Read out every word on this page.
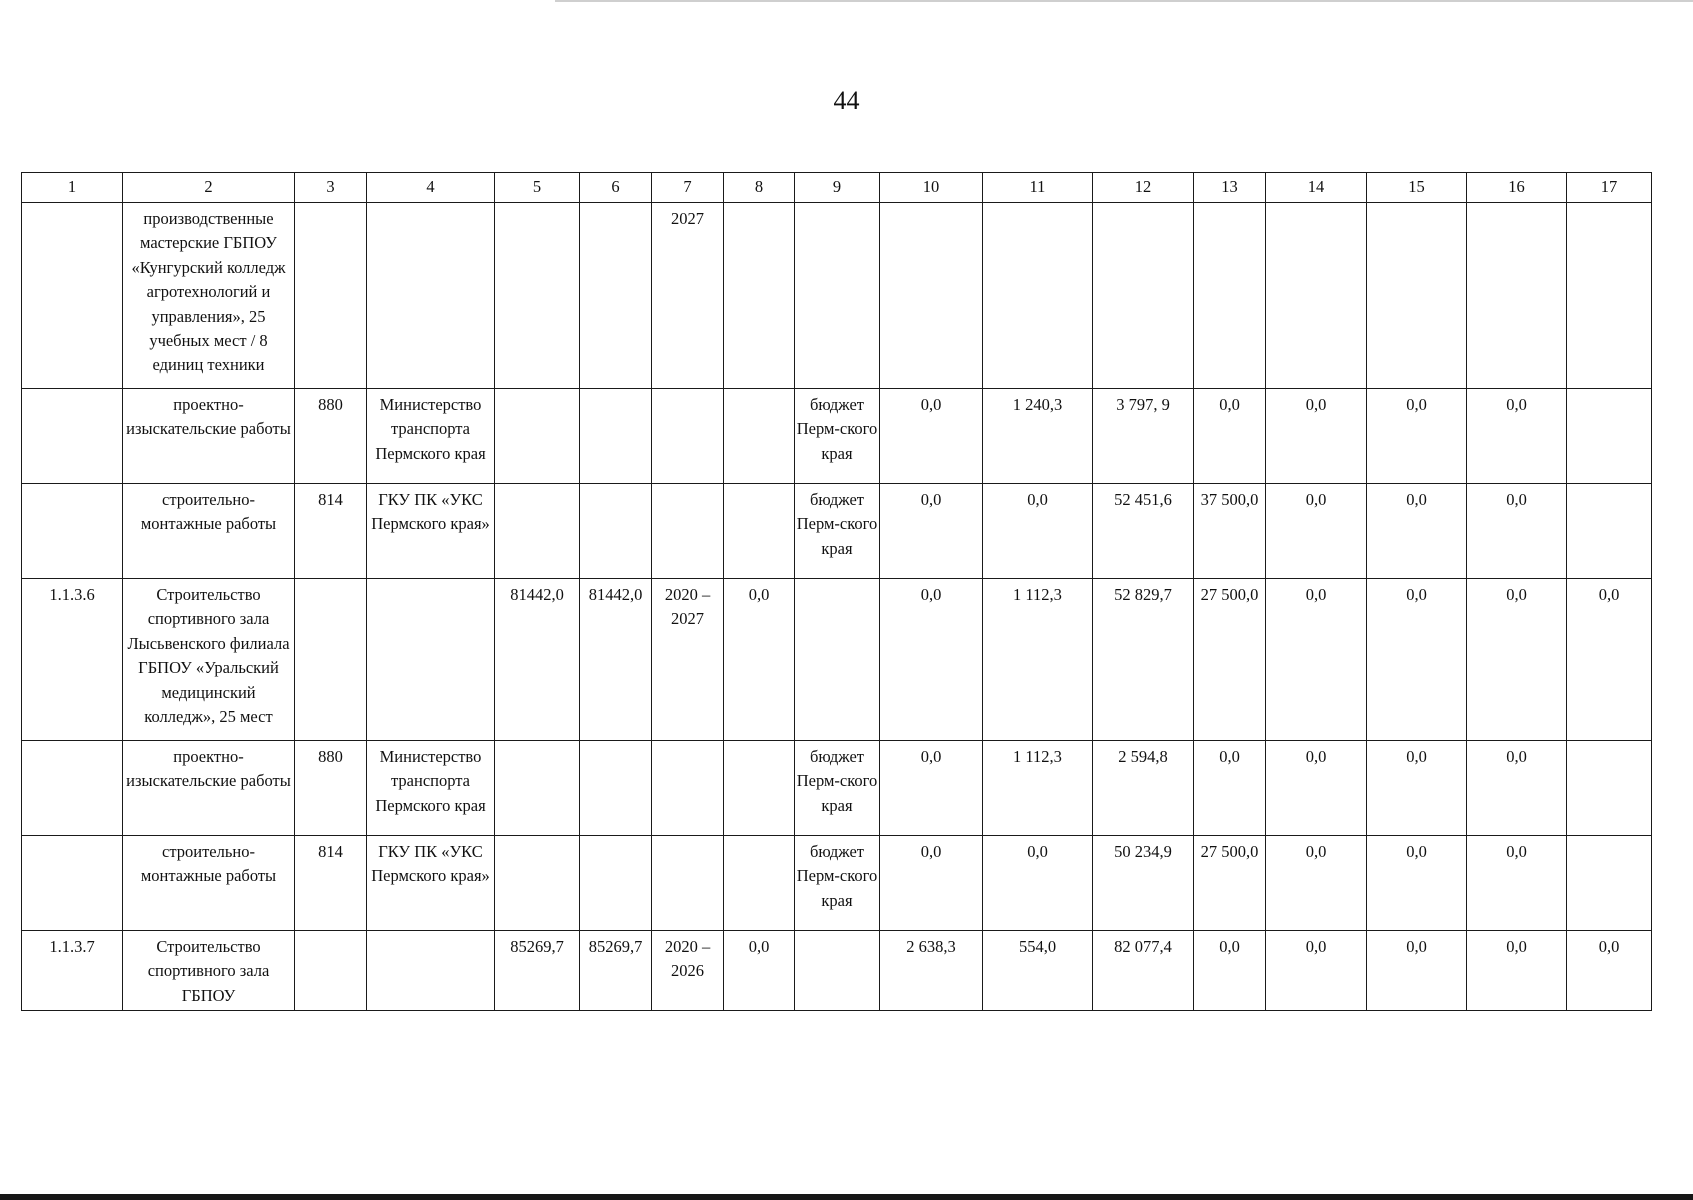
44
1	2	3	4	5	6	7	8	9	10	11	12	13	14	15	16	17
	производственные мастерские ГБПОУ «Кунгурский колледж агротехнологий и управления», 25 учебных мест / 8 единиц техники					2027										
	проектно-изыскательские работы	880	Министерство транспорта Пермского края					бюджет Перм-ского края	0,0	1 240,3	3 797, 9	0,0	0,0	0,0	0,0	
	строительно-монтажные работы	814	ГКУ ПК «УКС Пермского края»					бюджет Перм-ского края	0,0	0,0	52 451,6	37 500,0	0,0	0,0	0,0	
1.1.3.6	Строительство спортивного зала Лысьвенского филиала ГБПОУ «Уральский медицинский колледж», 25 мест			81442,0	81442,0	2020 – 2027	0,0		0,0	1 112,3	52 829,7	27 500,0	0,0	0,0	0,0	0,0
	проектно-изыскательские работы	880	Министерство транспорта Пермского края					бюджет Перм-ского края	0,0	1 112,3	2 594,8	0,0	0,0	0,0	0,0	
	строительно-монтажные работы	814	ГКУ ПК «УКС Пермского края»					бюджет Перм-ского края	0,0	0,0	50 234,9	27 500,0	0,0	0,0	0,0	
1.1.3.7	Строительство спортивного зала ГБПОУ			85269,7	85269,7	2020 – 2026	0,0		2 638,3	554,0	82 077,4	0,0	0,0	0,0	0,0	0,0
